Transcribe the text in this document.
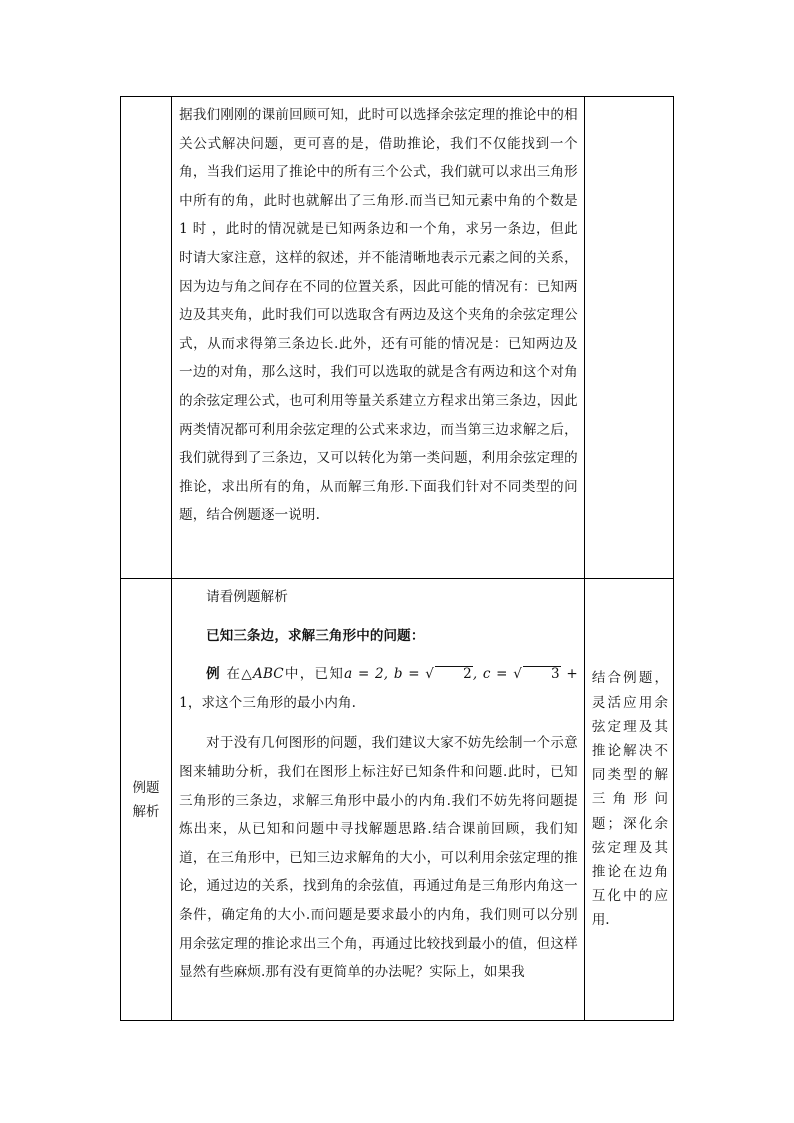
	据我们刚刚的课前回顾可知，此时可以选择余弦定理的推论中的相关公式解决问题，更可喜的是，借助推论，我们不仅能找到一个角，当我们运用了推论中的所有三个公式，我们就可以求出三角形中所有的角，此时也就解出了三角形.而当已知元素中角的个数是 1 时 ，此时的情况就是已知两条边和一个角，求另一条边，但此时请大家注意，这样的叙述，并不能清晰地表示元素之间的关系，因为边与角之间存在不同的位置关系，因此可能的情况有：已知两边及其夹角，此时我们可以选取含有两边及这个夹角的余弦定理公式，从而求得第三条边长.此外，还有可能的情况是：已知两边及一边的对角，那么这时，我们可以选取的就是含有两边和这个对角的余弦定理公式，也可利用等量关系建立方程求出第三条边，因此两类情况都可利用余弦定理的公式来求边，而当第三边求解之后，我们就得到了三条边，又可以转化为第一类问题，利用余弦定理的推论，求出所有的角，从而解三角形.下面我们针对不同类型的问题，结合例题逐一说明.	

例题解析	请看例题解析

已知三条边，求解三角形中的问题：

例 在△ABC中，已知a = 2, b = √ 2, c = √ 3 + 1，求这个三角形的最小内角.

对于没有几何图形的问题，我们建议大家不妨先绘制一个示意图来辅助分析，我们在图形上标注好已知条件和问题.此时，已知三角形的三条边，求解三角形中最小的内角.我们不妨先将问题提炼出来，从已知和问题中寻找解题思路.结合课前回顾，我们知道，在三角形中，已知三边求解角的大小，可以利用余弦定理的推论，通过边的关系，找到角的余弦值，再通过角是三角形内角这一条件，确定角的大小.而问题是要求最小的内角，我们则可以分别用余弦定理的推论求出三个角，再通过比较找到最小的值，但这样显然有些麻烦.那有没有更简单的办法呢？实际上，如果我	结合例题，灵活应用余弦定理及其推论解决不同类型的解三角形问题；深化余弦定理及其推论在边角互化中的应用.
